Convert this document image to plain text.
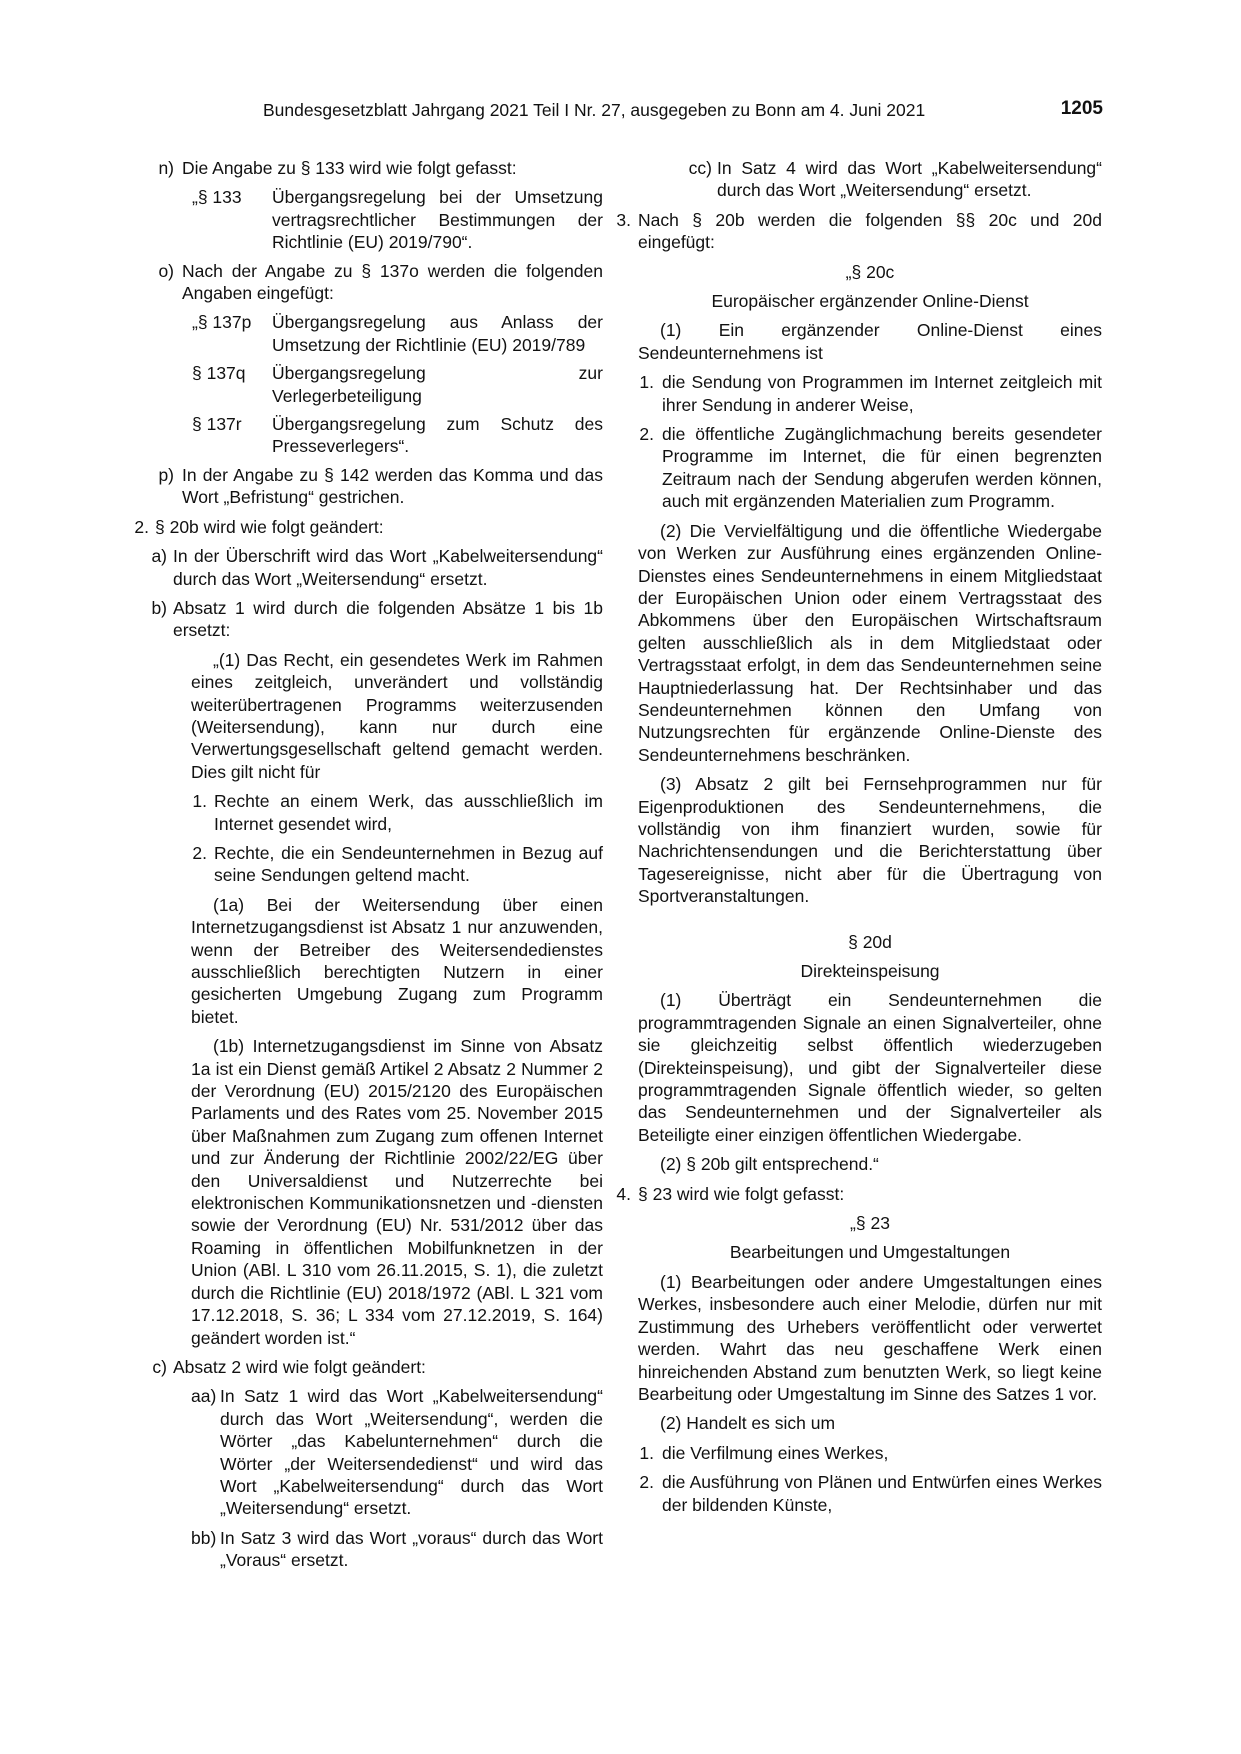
Bundesgesetzblatt Jahrgang 2021 Teil I Nr. 27, ausgegeben zu Bonn am 4. Juni 2021	1205
n) Die Angabe zu § 133 wird wie folgt gefasst:
„§ 133	Übergangsregelung bei der Umsetzung vertragsrechtlicher Bestimmungen der Richtlinie (EU) 2019/790“.
o) Nach der Angabe zu § 137o werden die folgenden Angaben eingefügt:
„§ 137p	Übergangsregelung aus Anlass der Umsetzung der Richtlinie (EU) 2019/789
§ 137q	Übergangsregelung zur Verlegerbeteiligung
§ 137r	Übergangsregelung zum Schutz des Presseverlegers“.
p) In der Angabe zu § 142 werden das Komma und das Wort „Befristung“ gestrichen.
2. § 20b wird wie folgt geändert:
a) In der Überschrift wird das Wort „Kabelweitersendung“ durch das Wort „Weitersendung“ ersetzt.
b) Absatz 1 wird durch die folgenden Absätze 1 bis 1b ersetzt:

„(1) Das Recht, ein gesendetes Werk im Rahmen eines zeitgleich, unverändert und vollständig weiterübertragenen Programms weiterzusenden (Weitersendung), kann nur durch eine Verwertungsgesellschaft geltend gemacht werden. Dies gilt nicht für

1. Rechte an einem Werk, das ausschließlich im Internet gesendet wird,
2. Rechte, die ein Sendeunternehmen in Bezug auf seine Sendungen geltend macht.

(1a) Bei der Weitersendung über einen Internetzugangsdienst ist Absatz 1 nur anzuwenden, wenn der Betreiber des Weitersendedienstes ausschließlich berechtigten Nutzern in einer gesicherten Umgebung Zugang zum Programm bietet.

(1b) Internetzugangsdienst im Sinne von Absatz 1a ist ein Dienst gemäß Artikel 2 Absatz 2 Nummer 2 der Verordnung (EU) 2015/2120 des Europäischen Parlaments und des Rates vom 25. November 2015 über Maßnahmen zum Zugang zum offenen Internet und zur Änderung der Richtlinie 2002/22/EG über den Universaldienst und Nutzerrechte bei elektronischen Kommunikationsnetzen und -diensten sowie der Verordnung (EU) Nr. 531/2012 über das Roaming in öffentlichen Mobilfunknetzen in der Union (ABl. L 310 vom 26.11.2015, S. 1), die zuletzt durch die Richtlinie (EU) 2018/1972 (ABl. L 321 vom 17.12.2018, S. 36; L 334 vom 27.12.2019, S. 164) geändert worden ist.“

c) Absatz 2 wird wie folgt geändert:
aa) In Satz 1 wird das Wort „Kabelweitersendung“ durch das Wort „Weitersendung“, werden die Wörter „das Kabelunternehmen“ durch die Wörter „der Weitersendedienst“ und wird das Wort „Kabelweitersendung“ durch das Wort „Weitersendung“ ersetzt.
bb) In Satz 3 wird das Wort „voraus“ durch das Wort „Voraus“ ersetzt.
cc) In Satz 4 wird das Wort „Kabelweitersendung“ durch das Wort „Weitersendung“ ersetzt.
3. Nach § 20b werden die folgenden §§ 20c und 20d eingefügt:

„§ 20c

Europäischer ergänzender Online-Dienst

(1) Ein ergänzender Online-Dienst eines Sendeunternehmens ist

1. die Sendung von Programmen im Internet zeitgleich mit ihrer Sendung in anderer Weise,
2. die öffentliche Zugänglichmachung bereits gesendeter Programme im Internet, die für einen begrenzten Zeitraum nach der Sendung abgerufen werden können, auch mit ergänzenden Materialien zum Programm.

(2) Die Vervielfältigung und die öffentliche Wiedergabe von Werken zur Ausführung eines ergänzenden Online-Dienstes eines Sendeunternehmens in einem Mitgliedstaat der Europäischen Union oder einem Vertragsstaat des Abkommens über den Europäischen Wirtschaftsraum gelten ausschließlich als in dem Mitgliedstaat oder Vertragsstaat erfolgt, in dem das Sendeunternehmen seine Hauptniederlassung hat. Der Rechtsinhaber und das Sendeunternehmen können den Umfang von Nutzungsrechten für ergänzende Online-Dienste des Sendeunternehmens beschränken.

(3) Absatz 2 gilt bei Fernsehprogrammen nur für Eigenproduktionen des Sendeunternehmens, die vollständig von ihm finanziert wurden, sowie für Nachrichtensendungen und die Berichterstattung über Tagesereignisse, nicht aber für die Übertragung von Sportveranstaltungen.

§ 20d

Direkteinspeisung

(1) Überträgt ein Sendeunternehmen die programmtragenden Signale an einen Signalverteiler, ohne sie gleichzeitig selbst öffentlich wiederzugeben (Direkteinspeisung), und gibt der Signalverteiler diese programmtragenden Signale öffentlich wieder, so gelten das Sendeunternehmen und der Signalverteiler als Beteiligte einer einzigen öffentlichen Wiedergabe.

(2) § 20b gilt entsprechend.“

4. § 23 wird wie folgt gefasst:

„§ 23

Bearbeitungen und Umgestaltungen

(1) Bearbeitungen oder andere Umgestaltungen eines Werkes, insbesondere auch einer Melodie, dürfen nur mit Zustimmung des Urhebers veröffentlicht oder verwertet werden. Wahrt das neu geschaffene Werk einen hinreichenden Abstand zum benutzten Werk, so liegt keine Bearbeitung oder Umgestaltung im Sinne des Satzes 1 vor.

(2) Handelt es sich um

1. die Verfilmung eines Werkes,
2. die Ausführung von Plänen und Entwürfen eines Werkes der bildenden Künste,
